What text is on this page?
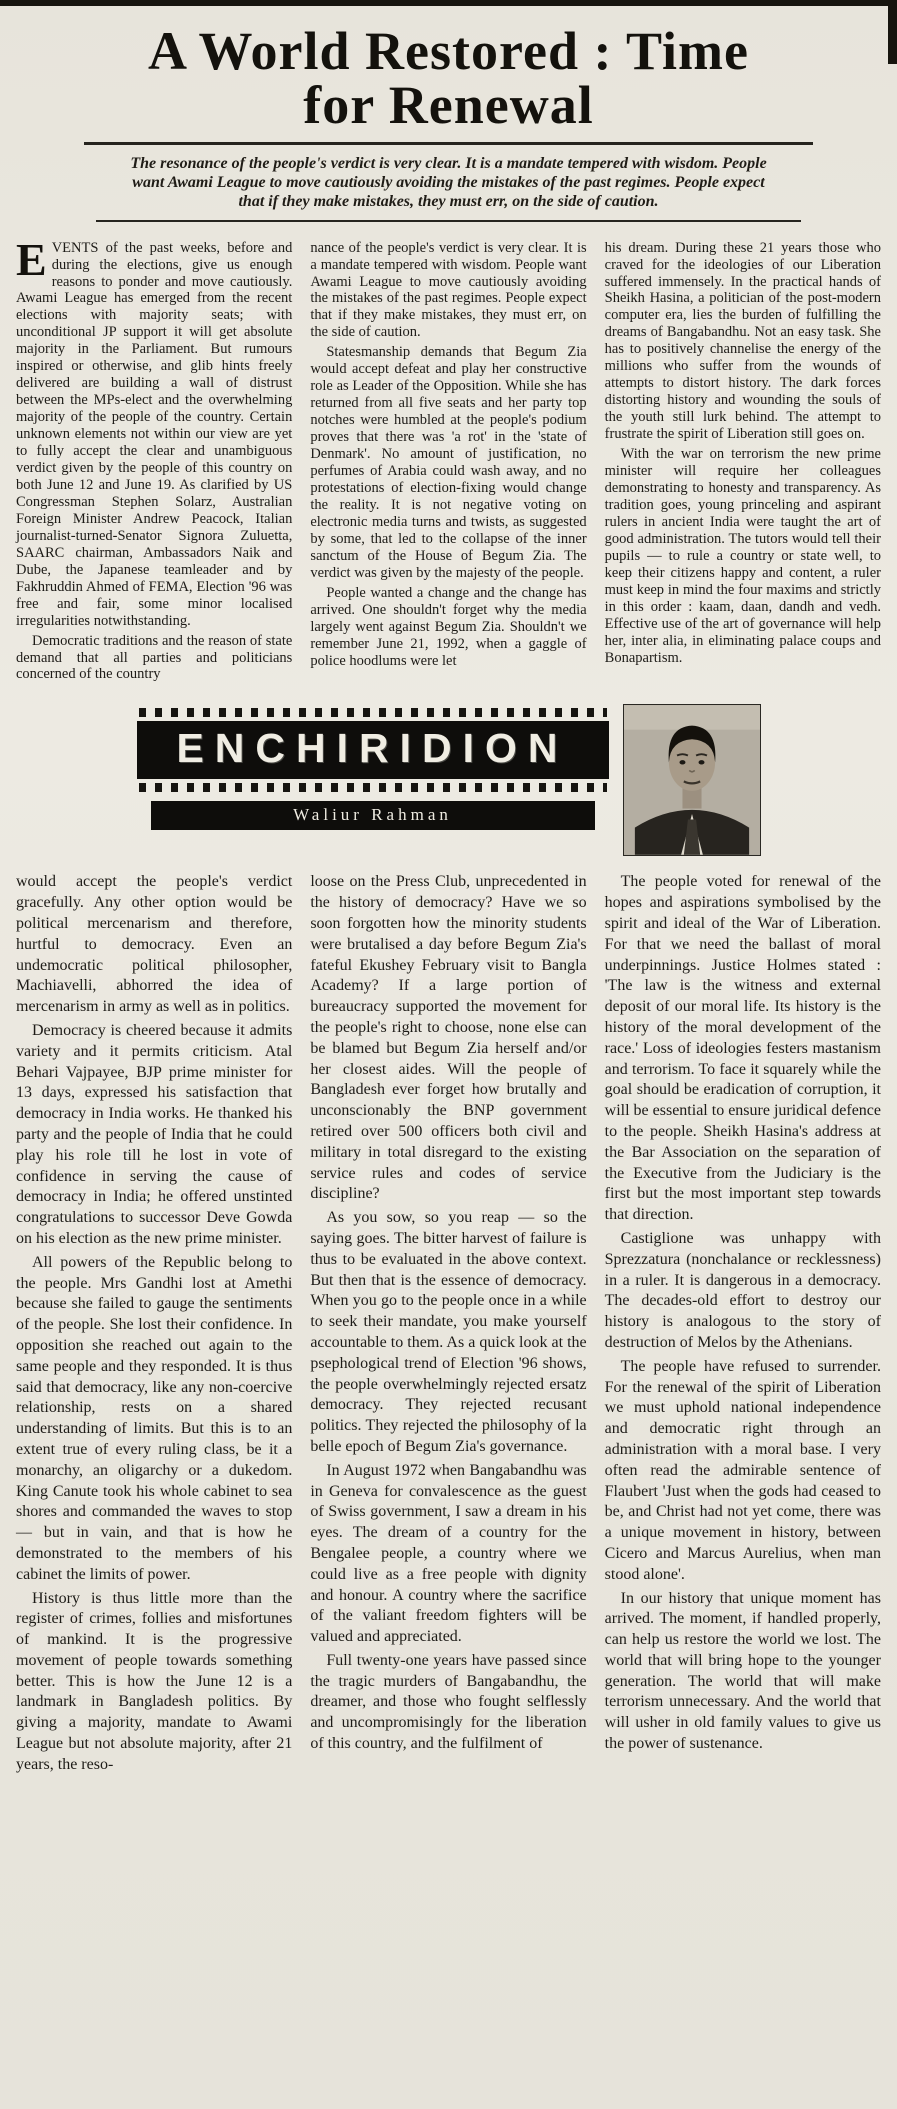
A World Restored : Time
for Renewal

The resonance of the people's verdict is very clear. It is a mandate tempered with wisdom. People want Awami League to move cautiously avoiding the mistakes of the past regimes. People expect that if they make mistakes, they must err, on the side of caution.

EVENTS of the past weeks, before and during the elections, give us enough reasons to ponder and move cautiously. Awami League has emerged from the recent elections with majority seats; with unconditional JP support it will get absolute majority in the Parliament. But rumours inspired or otherwise, and glib hints freely delivered are building a wall of distrust between the MPs-elect and the overwhelming majority of the people of the country. Certain unknown elements not within our view are yet to fully accept the clear and unambiguous verdict given by the people of this country on both June 12 and June 19. As clarified by US Congressman Stephen Solarz, Australian Foreign Minister Andrew Peacock, Italian journalist-turned-Senator Signora Zuluetta, SAARC chairman, Ambassadors Naik and Dube, the Japanese teamleader and by Fakhruddin Ahmed of FEMA, Election '96 was free and fair, some minor localised irregularities notwithstanding.

Democratic traditions and the reason of state demand that all parties and politicians concerned of the country

nance of the people's verdict is very clear. It is a mandate tempered with wisdom. People want Awami League to move cautiously avoiding the mistakes of the past regimes. People expect that if they make mistakes, they must err, on the side of caution.

Statesmanship demands that Begum Zia would accept defeat and play her constructive role as Leader of the Opposition. While she has returned from all five seats and her party top notches were humbled at the people's podium proves that there was 'a rot' in the 'state of Denmark'. No amount of justification, no perfumes of Arabia could wash away, and no protestations of election-fixing would change the reality. It is not negative voting on electronic media turns and twists, as suggested by some, that led to the collapse of the inner sanctum of the House of Begum Zia. The verdict was given by the majesty of the people.

People wanted a change and the change has arrived. One shouldn't forget why the media largely went against Begum Zia. Shouldn't we remember June 21, 1992, when a gaggle of police hoodlums were let

his dream. During these 21 years those who craved for the ideologies of our Liberation suffered immensely. In the practical hands of Sheikh Hasina, a politician of the post-modern computer era, lies the burden of fulfilling the dreams of Bangabandhu. Not an easy task. She has to positively channelise the energy of the millions who suffer from the wounds of attempts to distort history. The dark forces distorting history and wounding the souls of the youth still lurk behind. The attempt to frustrate the spirit of Liberation still goes on.

With the war on terrorism the new prime minister will require her colleagues demonstrating to honesty and transparency. As tradition goes, young princeling and aspirant rulers in ancient India were taught the art of good administration. The tutors would tell their pupils — to rule a country or state well, to keep their citizens happy and content, a ruler must keep in mind the four maxims and strictly in this order : kaam, daan, dandh and vedh. Effective use of the art of governance will help her, inter alia, in eliminating palace coups and Bonapartism.

ENCHIRIDION
Waliur Rahman

would accept the people's verdict gracefully. Any other option would be political mercenarism and therefore, hurtful to democracy. Even an undemocratic political philosopher, Machiavelli, abhorred the idea of mercenarism in army as well as in politics.

Democracy is cheered because it admits variety and it permits criticism. Atal Behari Vajpayee, BJP prime minister for 13 days, expressed his satisfaction that democracy in India works. He thanked his party and the people of India that he could play his role till he lost in vote of confidence in serving the cause of democracy in India; he offered unstinted congratulations to successor Deve Gowda on his election as the new prime minister.

All powers of the Republic belong to the people. Mrs Gandhi lost at Amethi because she failed to gauge the sentiments of the people. She lost their confidence. In opposition she reached out again to the same people and they responded. It is thus said that democracy, like any non-coercive relationship, rests on a shared understanding of limits. But this is to an extent true of every ruling class, be it a monarchy, an oligarchy or a dukedom. King Canute took his whole cabinet to sea shores and commanded the waves to stop — but in vain, and that is how he demonstrated to the members of his cabinet the limits of power.

History is thus little more than the register of crimes, follies and misfortunes of mankind. It is the progressive movement of people towards something better. This is how the June 12 is a landmark in Bangladesh politics. By giving a majority, mandate to Awami League but not absolute majority, after 21 years, the reso-

loose on the Press Club, unprecedented in the history of democracy? Have we so soon forgotten how the minority students were brutalised a day before Begum Zia's fateful Ekushey February visit to Bangla Academy? If a large portion of bureaucracy supported the movement for the people's right to choose, none else can be blamed but Begum Zia herself and/or her closest aides. Will the people of Bangladesh ever forget how brutally and unconscionably the BNP government retired over 500 officers both civil and military in total disregard to the existing service rules and codes of service discipline?

As you sow, so you reap — so the saying goes. The bitter harvest of failure is thus to be evaluated in the above context. But then that is the essence of democracy. When you go to the people once in a while to seek their mandate, you make yourself accountable to them. As a quick look at the psephological trend of Election '96 shows, the people overwhelmingly rejected ersatz democracy. They rejected recusant politics. They rejected the philosophy of la belle epoch of Begum Zia's governance.

In August 1972 when Bangabandhu was in Geneva for convalescence as the guest of Swiss government, I saw a dream in his eyes. The dream of a country for the Bengalee people, a country where we could live as a free people with dignity and honour. A country where the sacrifice of the valiant freedom fighters will be valued and appreciated.

Full twenty-one years have passed since the tragic murders of Bangabandhu, the dreamer, and those who fought selflessly and uncompromisingly for the liberation of this country, and the fulfilment of

The people voted for renewal of the hopes and aspirations symbolised by the spirit and ideal of the War of Liberation. For that we need the ballast of moral underpinnings. Justice Holmes stated : 'The law is the witness and external deposit of our moral life. Its history is the history of the moral development of the race.' Loss of ideologies festers mastanism and terrorism. To face it squarely while the goal should be eradication of corruption, it will be essential to ensure juridical defence to the people. Sheikh Hasina's address at the Bar Association on the separation of the Executive from the Judiciary is the first but the most important step towards that direction.

Castiglione was unhappy with Sprezzatura (nonchalance or recklessness) in a ruler. It is dangerous in a democracy. The decades-old effort to destroy our history is analogous to the story of destruction of Melos by the Athenians.

The people have refused to surrender. For the renewal of the spirit of Liberation we must uphold national independence and democratic right through an administration with a moral base. I very often read the admirable sentence of Flaubert 'Just when the gods had ceased to be, and Christ had not yet come, there was a unique movement in history, between Cicero and Marcus Aurelius, when man stood alone'.

In our history that unique moment has arrived. The moment, if handled properly, can help us restore the world we lost. The world that will bring hope to the younger generation. The world that will make terrorism unnecessary. And the world that will usher in old family values to give us the power of sustenance.
